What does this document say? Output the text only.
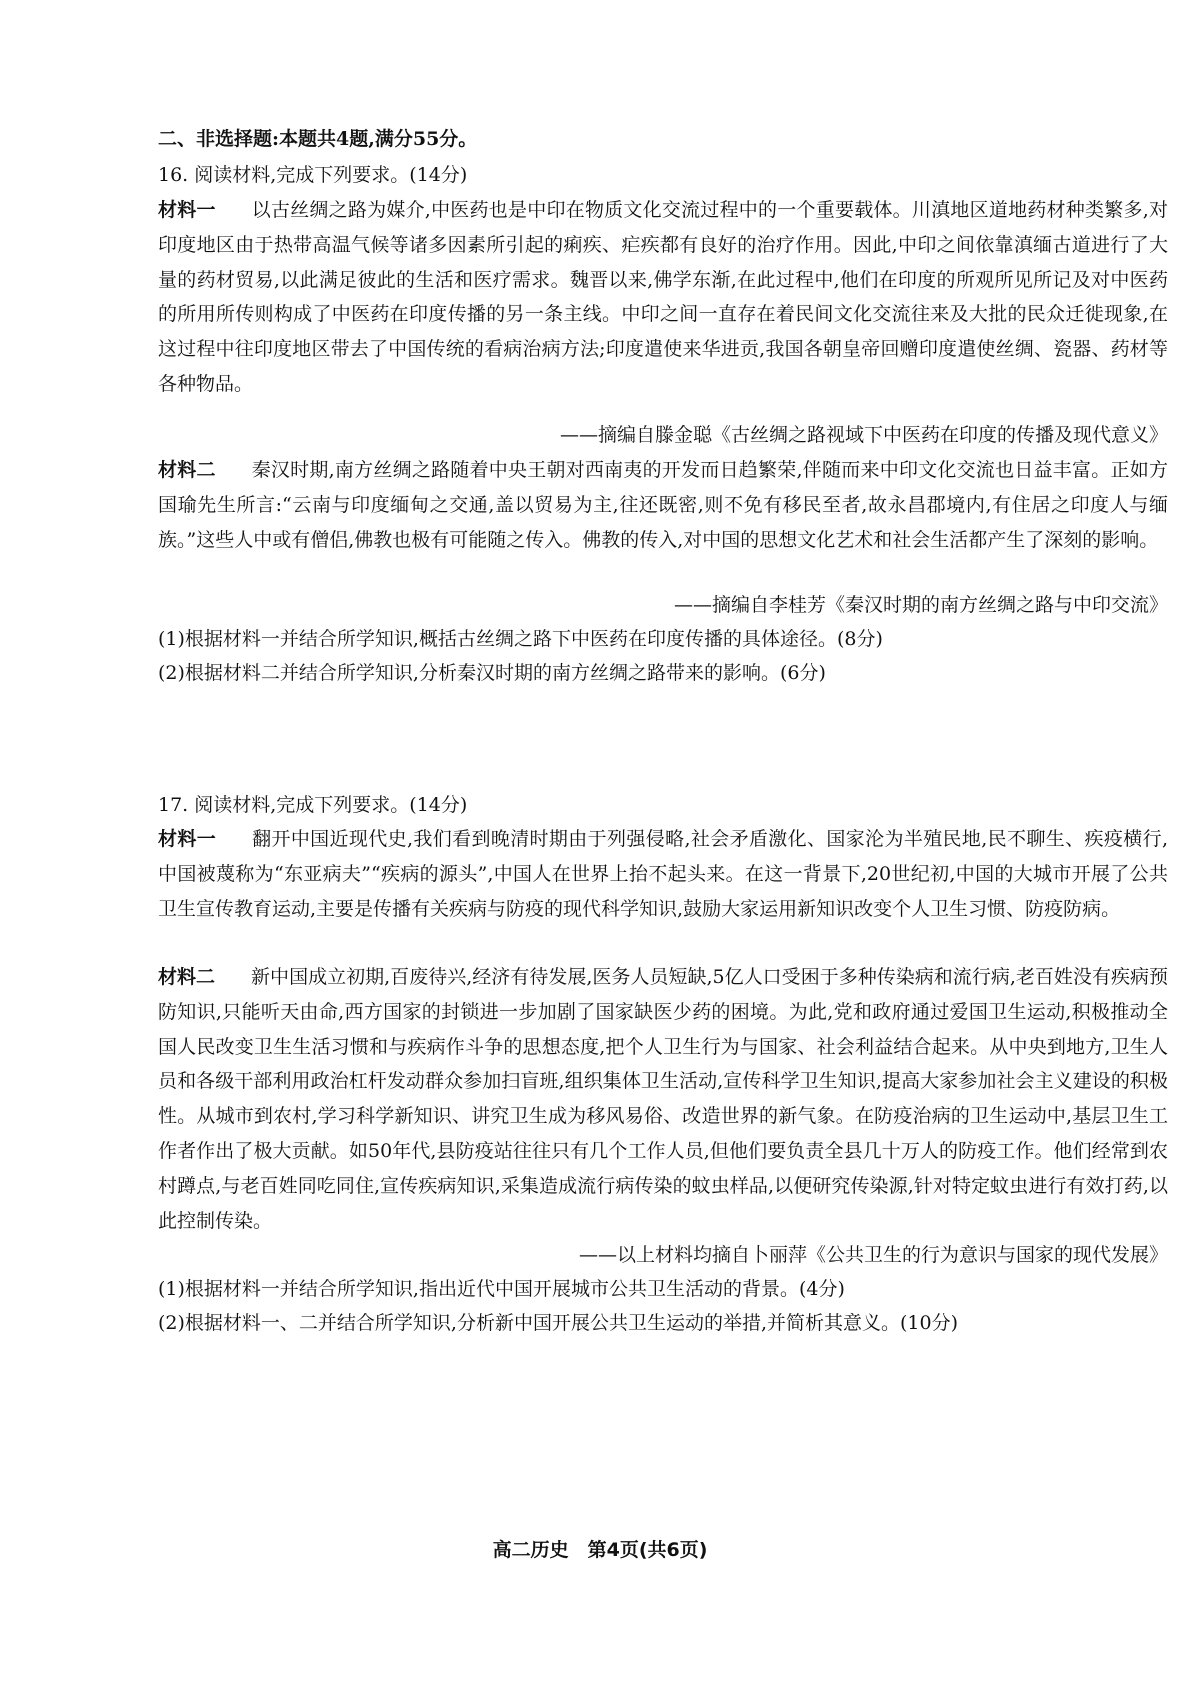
二、非选择题:本题共4题,满分55分。
16. 阅读材料,完成下列要求。(14分)
材料一 以古丝绸之路为媒介,中医药也是中印在物质文化交流过程中的一个重要载体。川滇地区道地药材种类繁多,对印度地区由于热带高温气候等诸多因素所引起的痢疾、疟疾都有良好的治疗作用。因此,中印之间依靠滇缅古道进行了大量的药材贸易,以此满足彼此的生活和医疗需求。魏晋以来,佛学东渐,在此过程中,他们在印度的所观所见所记及对中医药的所用所传则构成了中医药在印度传播的另一条主线。中印之间一直存在着民间文化交流往来及大批的民众迁徙现象,在这过程中往印度地区带去了中国传统的看病治病方法;印度遣使来华进贡,我国各朝皇帝回赠印度遣使丝绸、瓷器、药材等各种物品。
——摘编自滕金聪《古丝绸之路视域下中医药在印度的传播及现代意义》
材料二 秦汉时期,南方丝绸之路随着中央王朝对西南夷的开发而日趋繁荣,伴随而来中印文化交流也日益丰富。正如方国瑜先生所言:“云南与印度缅甸之交通,盖以贸易为主,往还既密,则不免有移民至者,故永昌郡境内,有住居之印度人与缅族。”这些人中或有僧侣,佛教也极有可能随之传入。佛教的传入,对中国的思想文化艺术和社会生活都产生了深刻的影响。
——摘编自李桂芳《秦汉时期的南方丝绸之路与中印交流》
(1)根据材料一并结合所学知识,概括古丝绸之路下中医药在印度传播的具体途径。(8分)
(2)根据材料二并结合所学知识,分析秦汉时期的南方丝绸之路带来的影响。(6分)
17. 阅读材料,完成下列要求。(14分)
材料一 翻开中国近现代史,我们看到晚清时期由于列强侵略,社会矛盾激化、国家沦为半殖民地,民不聊生、疾疫横行,中国被蔑称为“东亚病夫”“疾病的源头”,中国人在世界上抬不起头来。在这一背景下,20世纪初,中国的大城市开展了公共卫生宣传教育运动,主要是传播有关疾病与防疫的现代科学知识,鼓励大家运用新知识改变个人卫生习惯、防疫防病。
材料二 新中国成立初期,百废待兴,经济有待发展,医务人员短缺,5亿人口受困于多种传染病和流行病,老百姓没有疾病预防知识,只能听天由命,西方国家的封锁进一步加剧了国家缺医少药的困境。为此,党和政府通过爱国卫生运动,积极推动全国人民改变卫生生活习惯和与疾病作斗争的思想态度,把个人卫生行为与国家、社会利益结合起来。从中央到地方,卫生人员和各级干部利用政治杠杆发动群众参加扫盲班,组织集体卫生活动,宣传科学卫生知识,提高大家参加社会主义建设的积极性。从城市到农村,学习科学新知识、讲究卫生成为移风易俗、改造世界的新气象。在防疫治病的卫生运动中,基层卫生工作者作出了极大贡献。如50年代,县防疫站往往只有几个工作人员,但他们要负责全县几十万人的防疫工作。他们经常到农村蹲点,与老百姓同吃同住,宣传疾病知识,采集造成流行病传染的蚊虫样品,以便研究传染源,针对特定蚊虫进行有效打药,以此控制传染。
——以上材料均摘自卜丽萍《公共卫生的行为意识与国家的现代发展》
(1)根据材料一并结合所学知识,指出近代中国开展城市公共卫生活动的背景。(4分)
(2)根据材料一、二并结合所学知识,分析新中国开展公共卫生运动的举措,并简析其意义。(10分)
高二历史　第4页(共6页)
